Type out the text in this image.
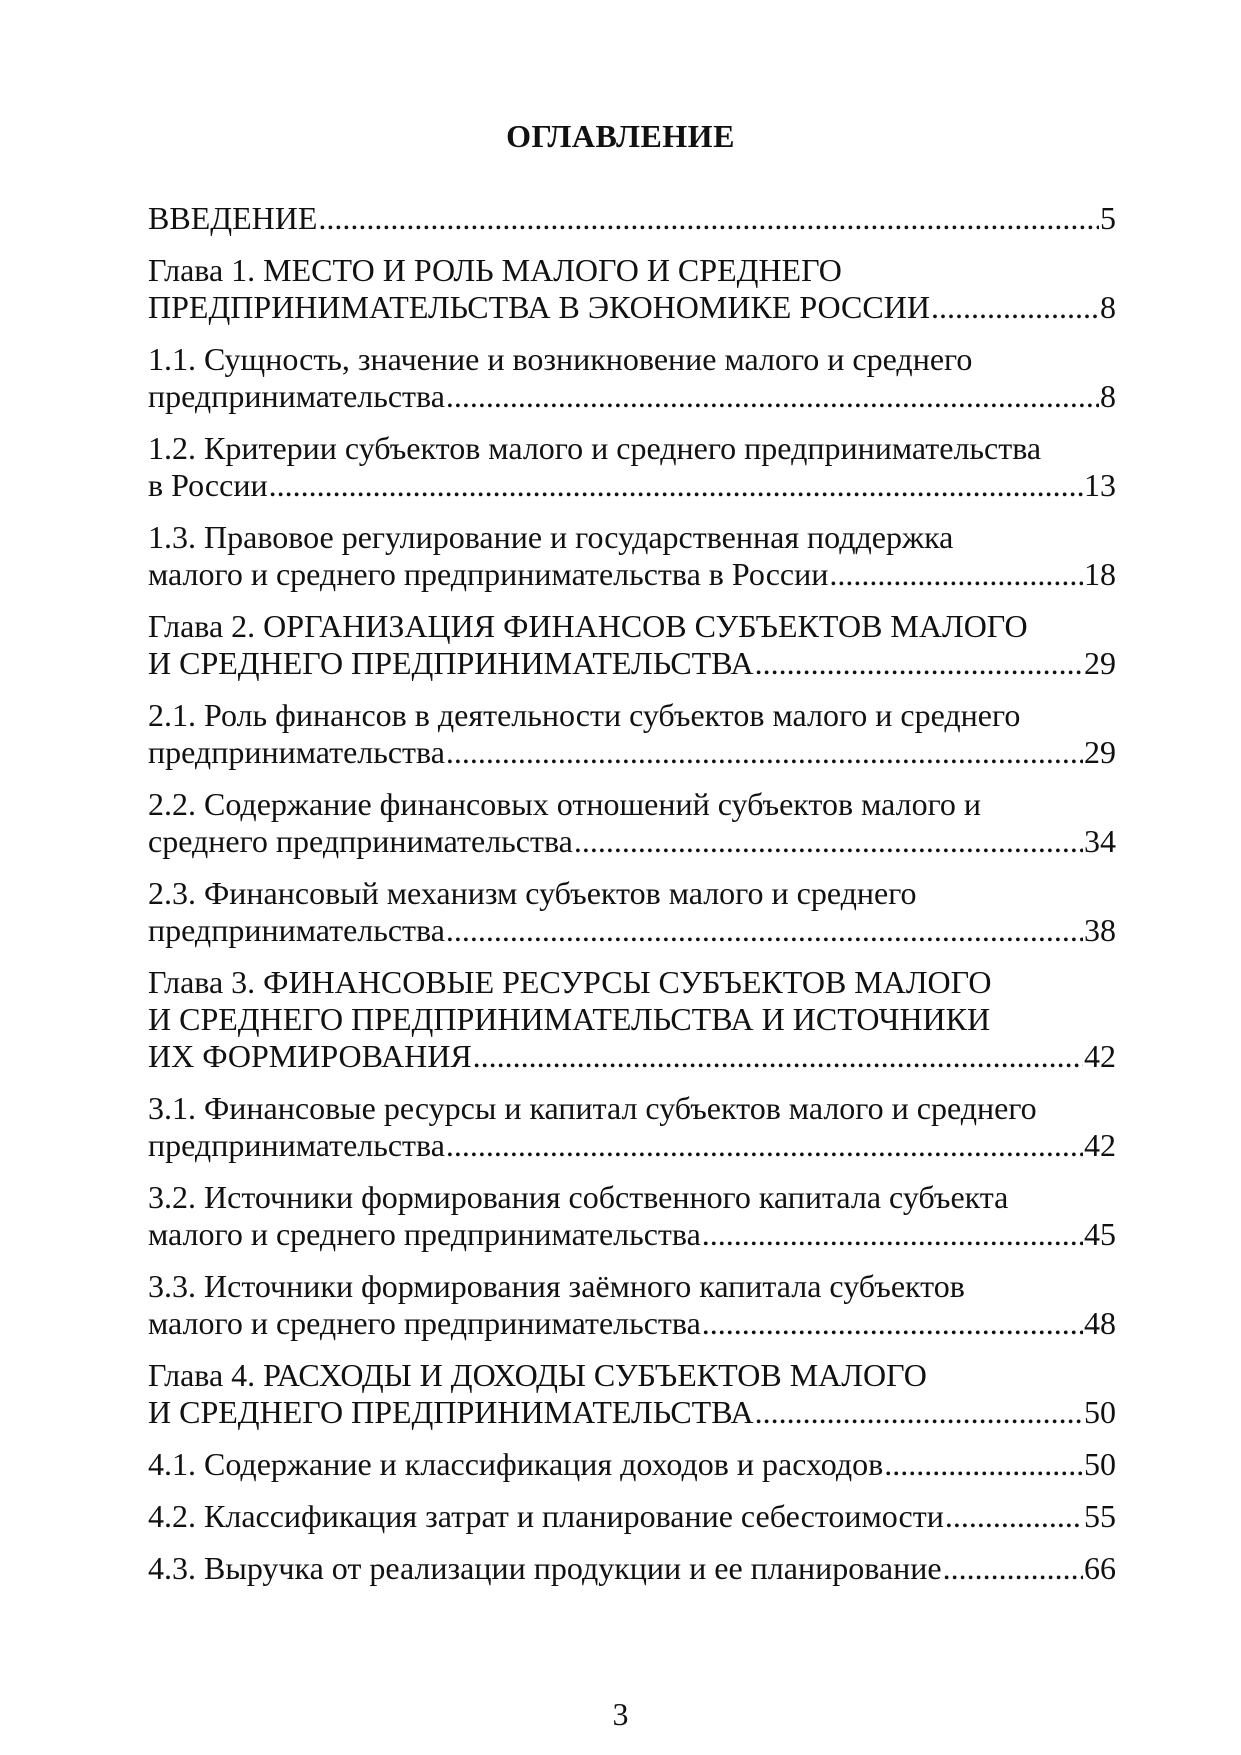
ОГЛАВЛЕНИЕ
ВВЕДЕНИЕ .....	5
Глава 1. МЕСТО И РОЛЬ МАЛОГО И СРЕДНЕГО
ПРЕДПРИНИМАТЕЛЬСТВА В ЭКОНОМИКЕ РОССИИ .....	8
1.1. Сущность, значение и возникновение малого и среднего
предпринимательства .....	8
1.2. Критерии субъектов малого и среднего предпринимательства
в России .....	13
1.3. Правовое регулирование и государственная поддержка
малого и среднего предпринимательства в России .....	18
Глава 2. ОРГАНИЗАЦИЯ ФИНАНСОВ СУБЪЕКТОВ МАЛОГО
И СРЕДНЕГО ПРЕДПРИНИМАТЕЛЬСТВА .....	29
2.1. Роль финансов в деятельности субъектов малого и среднего
предпринимательства .....	29
2.2. Содержание финансовых отношений субъектов малого и
среднего предпринимательства .....	34
2.3. Финансовый механизм субъектов малого и среднего
предпринимательства .....	38
Глава 3. ФИНАНСОВЫЕ РЕСУРСЫ СУБЪЕКТОВ МАЛОГО
И СРЕДНЕГО ПРЕДПРИНИМАТЕЛЬСТВА И ИСТОЧНИКИ
ИХ ФОРМИРОВАНИЯ .....	42
3.1. Финансовые ресурсы и капитал субъектов малого и среднего
предпринимательства .....	42
3.2. Источники формирования собственного капитала субъекта
малого и среднего предпринимательства .....	45
3.3. Источники формирования заёмного капитала субъектов
малого и среднего предпринимательства .....	48
Глава 4. РАСХОДЫ И ДОХОДЫ СУБЪЕКТОВ МАЛОГО
И СРЕДНЕГО ПРЕДПРИНИМАТЕЛЬСТВА .....	50
4.1. Содержание и классификация доходов и расходов .....	50
4.2. Классификация затрат и планирование себестоимости .....	55
4.3. Выручка от реализации продукции и ее планирование .....	66
3
